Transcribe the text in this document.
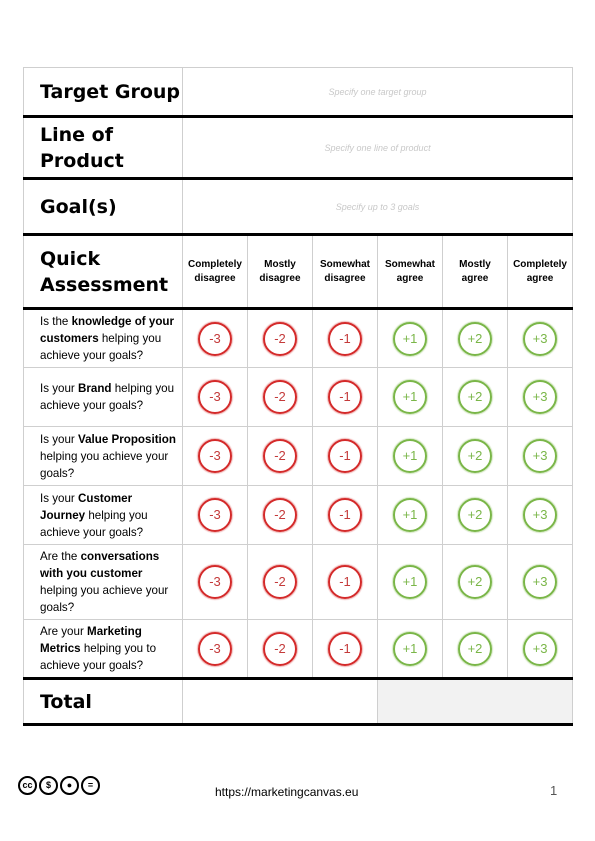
Target Group	Specify one target group					
Line of Product	Specify one line of product					
Goal(s)	Specify up to 3 goals					
Quick Assessment	Completely disagree	Mostly disagree	Somewhat disagree	Somewhat agree	Mostly agree	Completely agree
Is the knowledge of your customers helping you achieve your goals?	-3	-2	-1	+1	+2	+3
Is your Brand helping you achieve your goals?	-3	-2	-1	+1	+2	+3
Is your Value Proposition helping you achieve your goals?	-3	-2	-1	+1	+2	+3
Is your Customer Journey helping you achieve your goals?	-3	-2	-1	+1	+2	+3
Are the conversations with you customer helping you achieve your goals?	-3	-2	-1	+1	+2	+3
Are your Marketing Metrics helping you to achieve your goals?	-3	-2	-1	+1	+2	+3
Total						
cc	$	●	=	https://marketingcanvas.eu	1
